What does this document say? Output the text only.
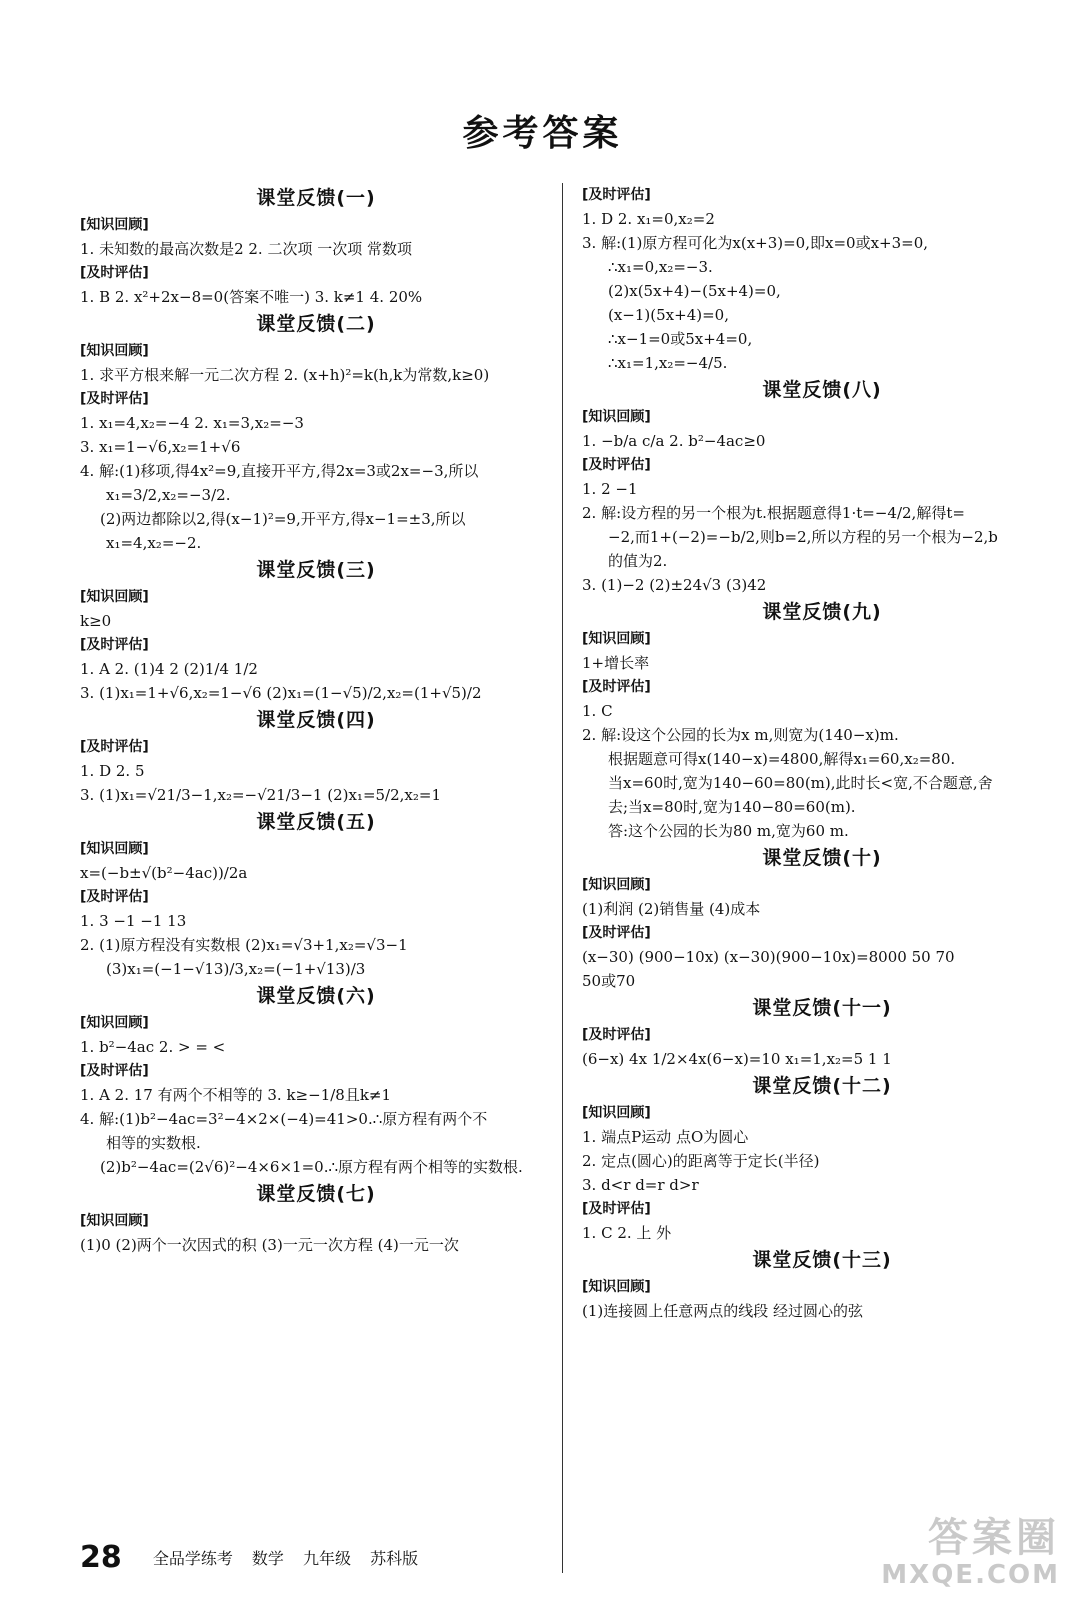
参考答案
课堂反馈(一)
[知识回顾]
1. 未知数的最高次数是2 2. 二次项 一次项 常数项
[及时评估]
1. B 2. x²+2x−8=0(答案不唯一) 3. k≠1 4. 20%
课堂反馈(二)
[知识回顾]
1. 求平方根来解一元二次方程 2. (x+h)²=k(h,k为常数,k≥0)
[及时评估]
1. x₁=4,x₂=−4 2. x₁=3,x₂=−3
3. x₁=1−√6,x₂=1+√6
4. 解:(1)移项,得4x²=9,直接开平方,得2x=3或2x=−3,所以
x₁=3/2,x₂=−3/2.
(2)两边都除以2,得(x−1)²=9,开平方,得x−1=±3,所以
x₁=4,x₂=−2.
课堂反馈(三)
[知识回顾]
k≥0
[及时评估]
1. A 2. (1)4 2 (2)1/4 1/2
3. (1)x₁=1+√6,x₂=1−√6 (2)x₁=(1−√5)/2,x₂=(1+√5)/2
课堂反馈(四)
[及时评估]
1. D 2. 5
3. (1)x₁=√21/3−1,x₂=−√21/3−1 (2)x₁=5/2,x₂=1
课堂反馈(五)
[知识回顾]
x=(−b±√(b²−4ac))/2a
[及时评估]
1. 3 −1 −1 13
2. (1)原方程没有实数根 (2)x₁=√3+1,x₂=√3−1
(3)x₁=(−1−√13)/3,x₂=(−1+√13)/3
课堂反馈(六)
[知识回顾]
1. b²−4ac 2. > = <
[及时评估]
1. A 2. 17 有两个不相等的 3. k≥−1/8且k≠1
4. 解:(1)b²−4ac=3²−4×2×(−4)=41>0.∴原方程有两个不
相等的实数根.
(2)b²−4ac=(2√6)²−4×6×1=0.∴原方程有两个相等的实数根.
课堂反馈(七)
[知识回顾]
(1)0 (2)两个一次因式的积 (3)一元一次方程 (4)一元一次
[及时评估]
1. D 2. x₁=0,x₂=2
3. 解:(1)原方程可化为x(x+3)=0,即x=0或x+3=0,
∴x₁=0,x₂=−3.
(2)x(5x+4)−(5x+4)=0,
(x−1)(5x+4)=0,
∴x−1=0或5x+4=0,
∴x₁=1,x₂=−4/5.
课堂反馈(八)
[知识回顾]
1. −b/a c/a 2. b²−4ac≥0
[及时评估]
1. 2 −1
2. 解:设方程的另一个根为t.根据题意得1·t=−4/2,解得t=
−2,而1+(−2)=−b/2,则b=2,所以方程的另一个根为−2,b
的值为2.
3. (1)−2 (2)±24√3 (3)42
课堂反馈(九)
[知识回顾]
1+增长率
[及时评估]
1. C
2. 解:设这个公园的长为x m,则宽为(140−x)m.
根据题意可得x(140−x)=4800,解得x₁=60,x₂=80.
当x=60时,宽为140−60=80(m),此时长<宽,不合题意,舍
去;当x=80时,宽为140−80=60(m).
答:这个公园的长为80 m,宽为60 m.
课堂反馈(十)
[知识回顾]
(1)利润 (2)销售量 (4)成本
[及时评估]
(x−30) (900−10x) (x−30)(900−10x)=8000 50 70
50或70
课堂反馈(十一)
[及时评估]
(6−x) 4x 1/2×4x(6−x)=10 x₁=1,x₂=5 1 1
课堂反馈(十二)
[知识回顾]
1. 端点P运动 点O为圆心
2. 定点(圆心)的距离等于定长(半径)
3. d<r d=r d>r
[及时评估]
1. C 2. 上 外
课堂反馈(十三)
[知识回顾]
(1)连接圆上任意两点的线段 经过圆心的弦
28 全品学练考 数学 九年级 苏科版	答案圈
MXQE.COM
